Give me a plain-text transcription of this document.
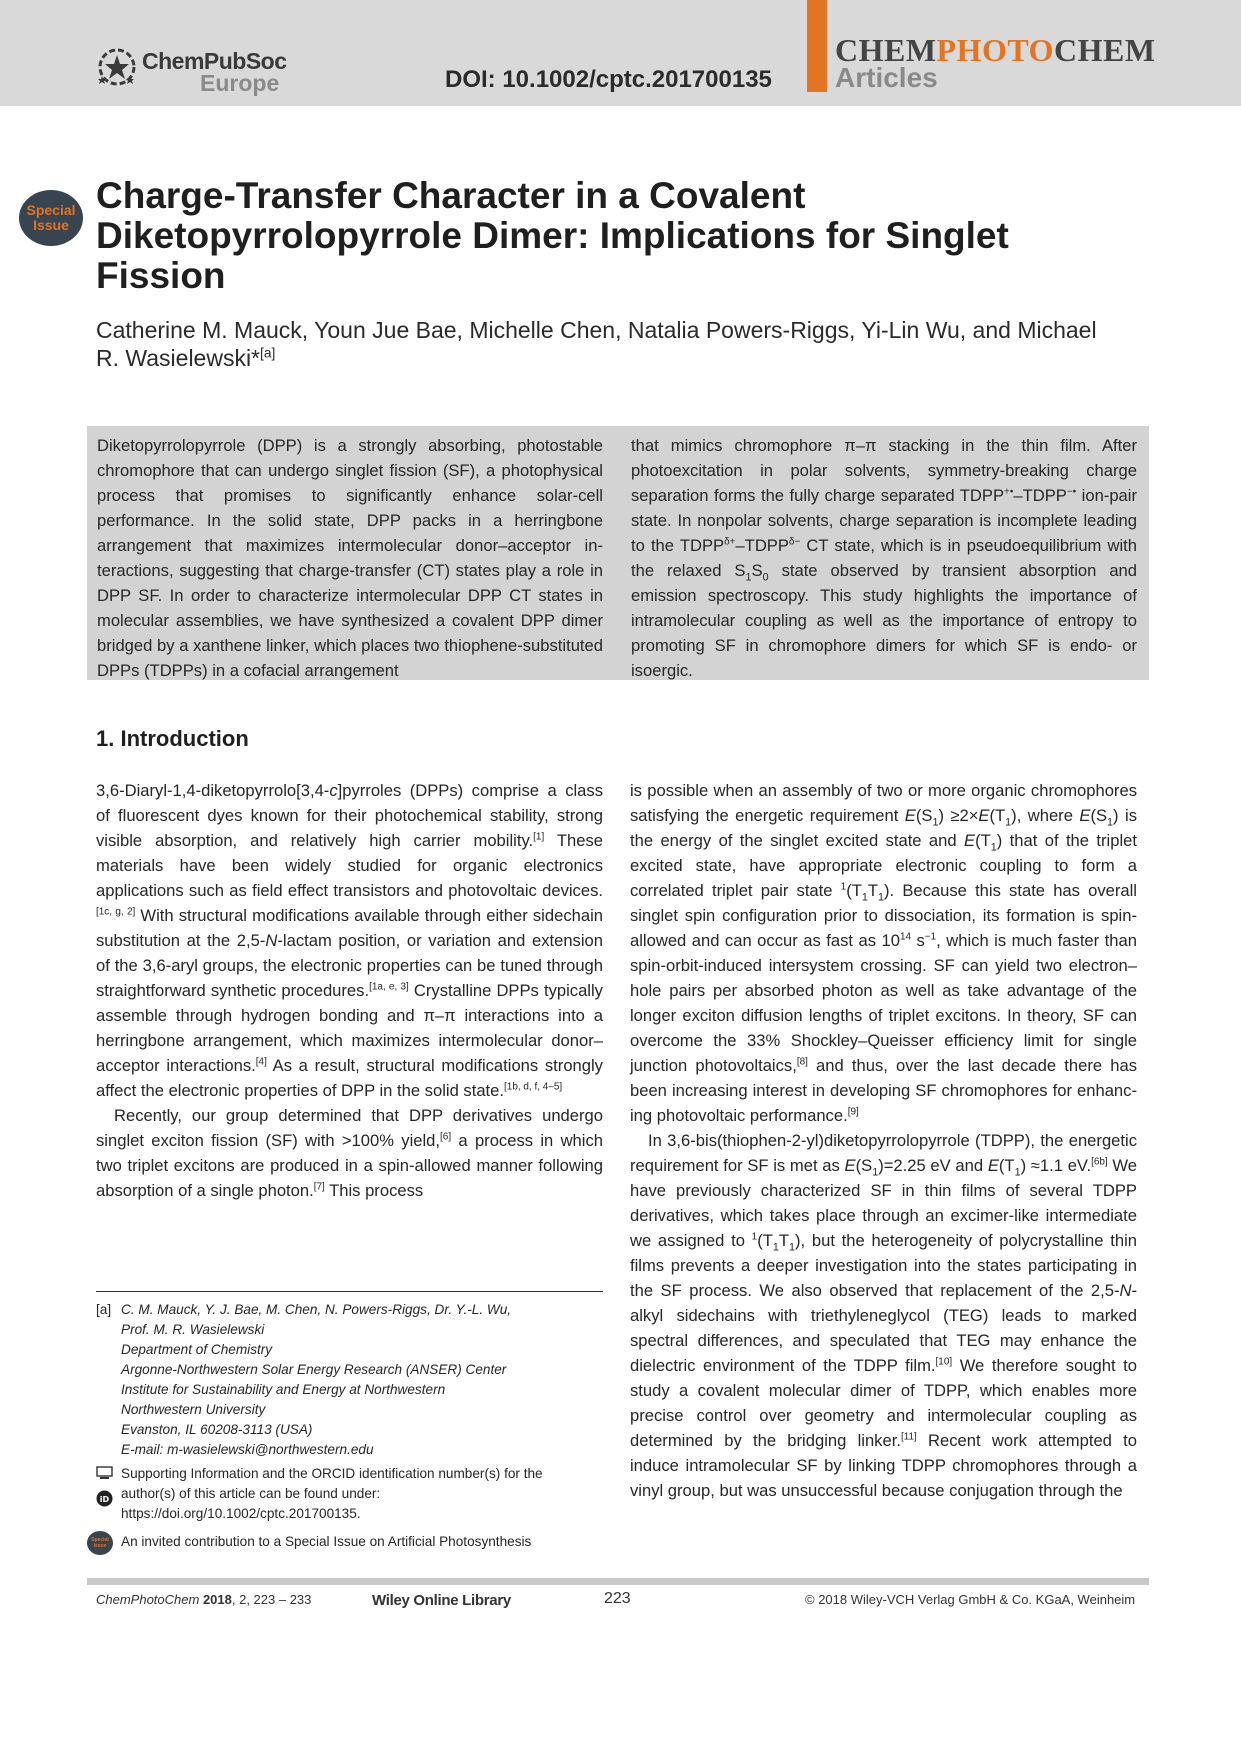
ChemPubSoc
Europe	DOI: 10.1002/cptc.201700135
CHEMPHOTOCHEM
Articles
Special
Issue
Charge-Transfer Character in a Covalent Diketopyrrolopyrrole Dimer: Implications for Singlet Fission
Catherine M. Mauck, Youn Jue Bae, Michelle Chen, Natalia Powers-Riggs, Yi-Lin Wu, and Michael R. Wasielewski*[a]
Diketopyrrolopyrrole (DPP) is a strongly absorbing, photostable chromophore that can undergo singlet fission (SF), a photophysical process that promises to significantly enhance solar-cell performance. In the solid state, DPP packs in a herringbone arrangement that maximizes intermolecular donor–acceptor interactions, suggesting that charge-transfer (CT) states play a role in DPP SF. In order to characterize intermolecular DPP CT states in molecular assemblies, we have synthesized a covalent DPP dimer bridged by a xanthene linker, which places two thiophene-substituted DPPs (TDPPs) in a cofacial arrangement
that mimics chromophore π–π stacking in the thin film. After photoexcitation in polar solvents, symmetry-breaking charge separation forms the fully charge separated TDPP+•–TDPP−• ion-pair state. In nonpolar solvents, charge separation is incomplete leading to the $TDPP^{\delta+}-TDPP^{\delta-}$ CT state, which is in pseudoequilibrium with the relaxed $S_1S_0$ state observed by transient absorption and emission spectroscopy. This study highlights the importance of intramolecular coupling as well as the importance of entropy to promoting SF in chromophore dimers for which SF is endo- or isoergic.
1. Introduction

3,6-Diaryl-1,4-diketopyrrolo[3,4-c]pyrroles (DPPs) comprise a class of fluorescent dyes known for their photochemical stability, strong visible absorption, and relatively high carrier mobility.[1] These materials have been widely studied for organic electronics applications such as field effect transistors and photovoltaic devices.[1c, g, 2] With structural modifications available through either sidechain substitution at the 2,5-N-lactam position, or variation and extension of the 3,6-aryl groups, the electronic properties can be tuned through straightforward synthetic procedures.[1a, e, 3] Crystalline DPPs typically assemble through hydrogen bonding and π–π interactions into a herringbone arrangement, which maximizes intermolecular donor–acceptor interactions.[4] As a result, structural modifications strongly affect the electronic properties of DPP in the solid state.[1b, d, f, 4–5]

Recently, our group determined that DPP derivatives undergo singlet exciton fission (SF) with >100% yield,[6] a process in which two triplet excitons are produced in a spin-allowed manner following absorption of a single photon.[7] This process

is possible when an assembly of two or more organic chromophores satisfying the energetic requirement $E(S_1) \ge 2\times E(T_1)$, where $E(S_1)$ is the energy of the singlet excited state and $E(T_1)$ that of the triplet excited state, have appropriate electronic coupling to form a correlated triplet pair state $^1(T_1T_1)$. Because this state has overall singlet spin configuration prior to dissociation, its formation is spin-allowed and can occur as fast as $10^{14}$ $s^{-1}$, which is much faster than spin-orbit-induced intersystem crossing. SF can yield two electron–hole pairs per absorbed photon as well as take advantage of the longer exciton diffusion lengths of triplet excitons. In theory, SF can overcome the 33% Shockley–Queisser efficiency limit for single junction photovoltaics,[8] and thus, over the last decade there has been increasing interest in developing SF chromophores for enhancing photovoltaic performance.[9]

In 3,6-bis(thiophen-2-yl)diketopyrrolopyrrole (TDPP), the energetic requirement for SF is met as $E(S_1)=2.25$ eV and $E(T_1) \approx 1.1$ eV.[6b] We have previously characterized SF in thin films of several TDPP derivatives, which takes place through an excimer-like intermediate we assigned to $^1(T_1T_1)$, but the heterogeneity of polycrystalline thin films prevents a deeper investigation into the states participating in the SF process. We also observed that replacement of the 2,5-N-alkyl sidechains with triethyleneglycol (TEG) leads to marked spectral differences, and speculated that TEG may enhance the dielectric environment of the TDPP film.[10] We therefore sought to study a covalent molecular dimer of TDPP, which enables more precise control over geometry and intermolecular coupling as determined by the bridging linker.[11] Recent work attempted to induce intramolecular SF by linking TDPP chromophores through a vinyl group, but was unsuccessful because conjugation through the

[a] C. M. Mauck, Y. J. Bae, M. Chen, N. Powers-Riggs, Dr. Y.-L. Wu,
Prof. M. R. Wasielewski
Department of Chemistry
Argonne-Northwestern Solar Energy Research (ANSER) Center
Institute for Sustainability and Energy at Northwestern
Northwestern University
Evanston, IL 60208-3113 (USA)
E-mail: m-wasielewski@northwestern.edu
iD
Supporting Information and the ORCID identification number(s) for the
author(s) of this article can be found under:
https://doi.org/10.1002/cptc.201700135.
Special
Issue An invited contribution to a Special Issue on Artificial Photosynthesis
ChemPhotoChem 2018, 2, 223 – 233	Wiley Online Library	223	© 2018 Wiley-VCH Verlag GmbH & Co. KGaA, Weinheim
